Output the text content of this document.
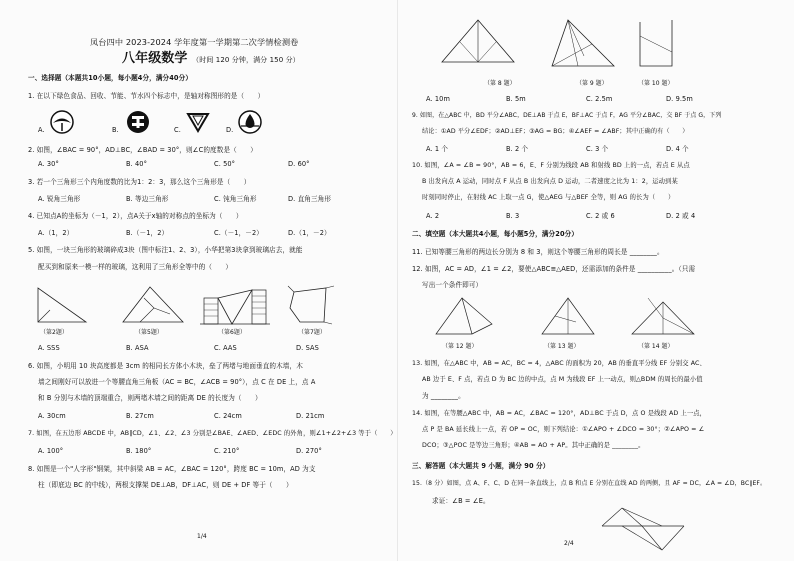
凤台四中 2023-2024 学年度第一学期第二次学情检测卷
八年级数学 （时间 120 分钟，满分 150 分）
一、选择题（本题共10小题，每小题4分，满分40分）
1. 在以下绿色食品、回收、节能、节水四个标志中，是轴对称图形的是（　　）
A.	B.	C.	D.
2. 如图，∠BAC = 90°，AD⊥BC，∠BAD = 30°，则∠C的度数是（　　）
A. 30°	B. 40°	C. 50°	D. 60°
3. 若一个三角形三个内角度数的比为1：2：3，那么这个三角形是（　　）
A. 锐角三角形	B. 等边三角形	C. 钝角三角形	D. 直角三角形
4. 已知点A的坐标为（－1，2），点A关于x轴的对称点的坐标为（　　）
A.（1，2）	B.（－1，2）	C.（－1，－2）	D.（1，－2）
5. 如图，一块三角形的玻璃碎成3块（图中标注1、2、3），小华把第3块拿到玻璃店去，就能
配买到和原来一模一样的玻璃，这利用了三角形全等中的（　　）
（第2题）	（第5题）	（第6题）	（第7题）
A. SSS	B. ASA	C. AAS	D. SAS
6. 如图，小明用 10 块高度都是 3cm 的相同长方体小木块，垒了两堵与地面垂直的木墙，木
墙之间刚好可以放进一个等腰直角三角板（AC = BC，∠ACB = 90°），点 C 在 DE 上，点 A
和 B 分别与木墙的顶端重合，则两堵木墙之间的距离 DE 的长度为（　　）
A. 30cm	B. 27cm	C. 24cm	D. 21cm
7. 如图，在五边形 ABCDE 中，AB∥CD，∠1、∠2、∠3 分别是∠BAE、∠AED、∠EDC 的外角，则∠1+∠2+∠3 等于（　　）
A. 100°	B. 180°	C. 210°	D. 270°
8. 如图是一个"人字形"钢架，其中斜梁 AB = AC，∠BAC = 120°，跨度 BC = 10m，AD 为支
柱（即底边 BC 的中线），两根支撑架 DE⊥AB，DF⊥AC，则 DE + DF 等于（　　）
1/4
（第 8 题）	（第 9 题）	（第 10 题）
A. 10m	B. 5m	C. 2.5m	D. 9.5m
9. 如图，在△ABC 中，BD 平分∠ABC，DE⊥AB 于点 E，BF⊥AC 于点 F，AG 平分∠BAC，交 BF 于点 G，下列
结论：①AD 平分∠EDF；②AD⊥EF；③AG = BG；④∠AEF = ∠ABF；其中正确的有（　　）
A. 1 个	B. 2 个	C. 3 个	D. 4 个
10. 如图，∠A = ∠B = 90°，AB = 6，E、F 分别为线段 AB 和射线 BD 上的一点，若点 E 从点
B 出发向点 A 运动，同时点 F 从点 B 出发向点 D 运动，二者速度之比为 1：2，运动到某
时刻同时停止，在射线 AC 上取一点 G，使△AEG 与△BEF 全等，则 AG 的长为（　　）
A. 2	B. 3	C. 2 或 6	D. 2 或 4
二、填空题（本大题共4小题，每小题5分，满分20分）
11. 已知等腰三角形的两边长分别为 8 和 3，则这个等腰三角形的周长是 ________。
12. 如图，AC = AD，∠1 = ∠2，要使△ABC≌△AED，还需添加的条件是 __________。（只需
写出一个条件即可）
（第 12 题）	（第 13 题）	（第 14 题）
13. 如图，在△ABC 中，AB = AC，BC = 4，△ABC 的面积为 20，AB 的垂直平分线 EF 分别交 AC、
AB 边于 E、F 点，若点 D 为 BC 边的中点，点 M 为线段 EF 上一动点，则△BDM 的周长的最小值
为 ________。
14. 如图，在等腰△ABC 中，AB = AC，∠BAC = 120°，AD⊥BC 于点 D，点 O 是线段 AD 上一点，
点 P 是 BA 延长线上一点，若 OP = OC，则下列结论：①∠APO + ∠DCO = 30°；②∠APO = ∠
DCO；③△POC 是等边三角形；④AB = AO + AP。其中正确的是 ________。
三、解答题（本大题共 9 小题，满分 90 分）
15.（8 分）如图，点 A、F、C、D 在同一条直线上，点 B 和点 E 分别在直线 AD 的两侧，且 AF = DC，∠A = ∠D，BC∥EF。
求证：∠B = ∠E。
2/4
